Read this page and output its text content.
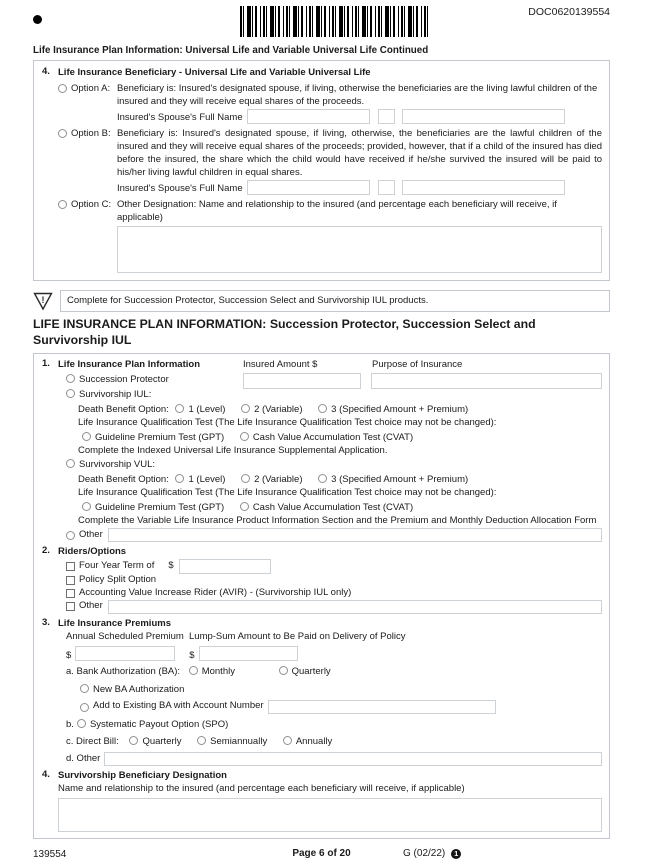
DOC0620139554
Life Insurance Plan Information: Universal Life and Variable Universal Life Continued
4. Life Insurance Beneficiary - Universal Life and Variable Universal Life
Option A: Beneficiary is: Insured's designated spouse, if living, otherwise the beneficiaries are the living lawful children of the insured and they will receive equal shares of the proceeds.
Insured's Spouse's Full Name
Option B: Beneficiary is: Insured's designated spouse, if living, otherwise, the beneficiaries are the lawful children of the insured and they will receive equal shares of the proceeds; provided, however, that if a child of the insured has died before the insured, the share which the child would have received if he/she survived the insured will be paid to his/her living lawful children in equal shares.
Insured's Spouse's Full Name
Option C: Other Designation: Name and relationship to the insured (and percentage each beneficiary will receive, if applicable)
!	Complete for Succession Protector, Succession Select and Survivorship IUL products.
LIFE INSURANCE PLAN INFORMATION: Succession Protector, Succession Select and Survivorship IUL
1. Life Insurance Plan Information	Insured Amount $	Purpose of Insurance
Succession Protector
Survivorship IUL:
Death Benefit Option: 1 (Level)	2 (Variable)	3 (Specified Amount + Premium)
Life Insurance Qualification Test (The Life Insurance Qualification Test choice may not be changed):
Guideline Premium Test (GPT)	Cash Value Accumulation Test (CVAT)
Complete the Indexed Universal Life Insurance Supplemental Application.
Survivorship VUL:
Death Benefit Option: 1 (Level)	2 (Variable)	3 (Specified Amount + Premium)
Life Insurance Qualification Test (The Life Insurance Qualification Test choice may not be changed):
Guideline Premium Test (GPT)	Cash Value Accumulation Test (CVAT)
Complete the Variable Life Insurance Product Information Section and the Premium and Monthly Deduction Allocation Form
Other
2. Riders/Options
Four Year Term of $
Policy Split Option
Accounting Value Increase Rider (AVIR) - (Survivorship IUL only)
Other
3. Life Insurance Premiums
Annual Scheduled Premium Lump-Sum Amount to Be Paid on Delivery of Policy
$	$
a. Bank Authorization (BA): Monthly	Quarterly
New BA Authorization
Add to Existing BA with Account Number
b. Systematic Payout Option (SPO)
c. Direct Bill: Quarterly	Semiannually	Annually
d. Other
4. Survivorship Beneficiary Designation
Name and relationship to the insured (and percentage each beneficiary will receive, if applicable)
139554	Page 6 of 20	G (02/22)	1
